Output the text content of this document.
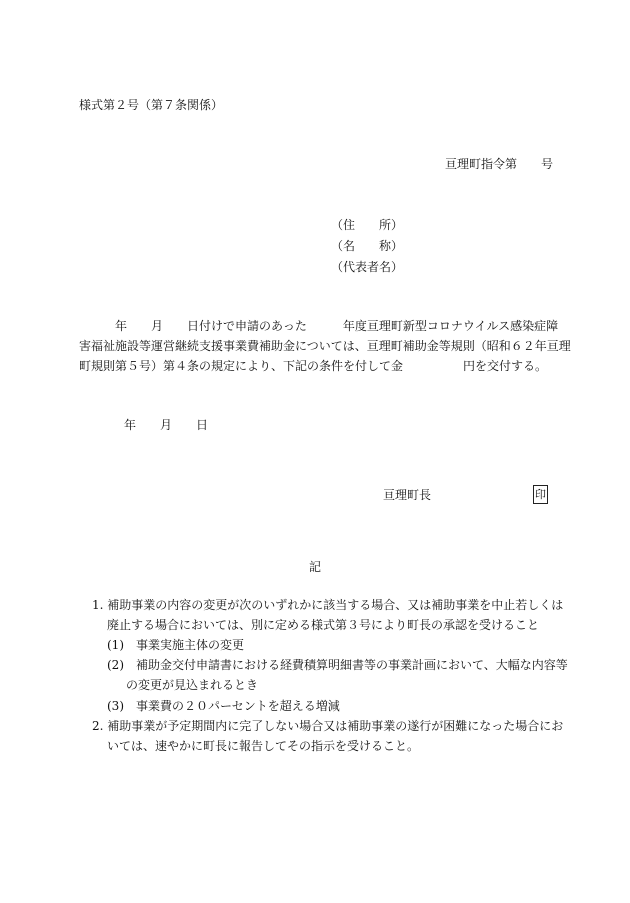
様式第２号（第７条関係）
亘理町指令第　　号
（住　　所）
（名　　称）
（代表者名）
　　　年　　月　　日付けで申請のあった　　　年度亘理町新型コロナウイルス感染症障
害福祉施設等運営継続支援事業費補助金については、亘理町補助金等規則（昭和６２年亘理
町規則第５号）第４条の規定により、下記の条件を付して金　　　　　円を交付する。
年　　月　　日
亘理町長	印
記
1. 補助事業の内容の変更が次のいずれかに該当する場合、又は補助事業を中止若しくは
廃止する場合においては、別に定める様式第３号により町長の承認を受けること
(1)　事業実施主体の変更
(2)　補助金交付申請書における経費積算明細書等の事業計画において、大幅な内容等
の変更が見込まれるとき
(3)　事業費の２０パーセントを超える増減
2. 補助事業が予定期間内に完了しない場合又は補助事業の遂行が困難になった場合にお
いては、速やかに町長に報告してその指示を受けること。
